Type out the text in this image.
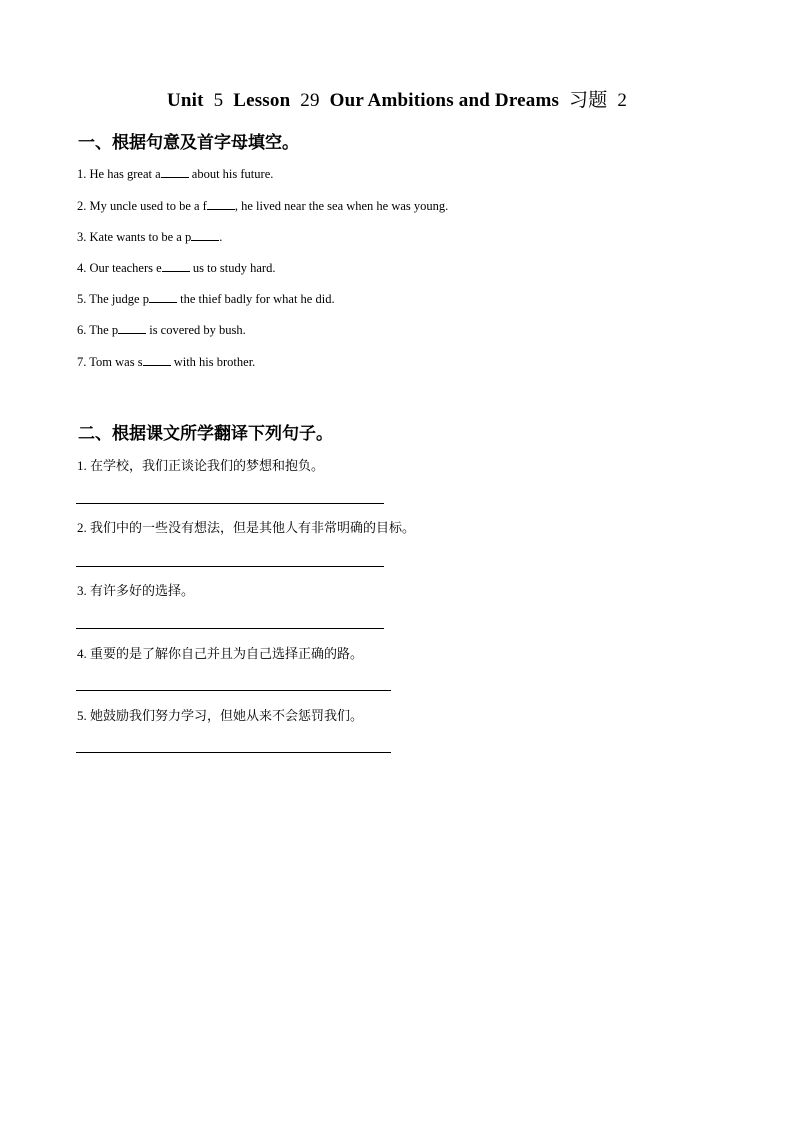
Unit 5 Lesson 29 Our Ambitions and Dreams 习题 2
一、根据句意及首字母填空。
1. He has great a about his future.
2. My uncle used to be a f , he lived near the sea when he was young.
3. Kate wants to be a p .
4. Our teachers e us to study hard.
5. The judge p the thief badly for what he did.
6. The p is covered by bush.
7. Tom was s with his brother.
二、根据课文所学翻译下列句子。
1. 在学校，我们正谈论我们的梦想和抱负。
2. 我们中的一些没有想法，但是其他人有非常明确的目标。
3. 有许多好的选择。
4. 重要的是了解你自己并且为自己选择正确的路。
5. 她鼓励我们努力学习，但她从来不会惩罚我们。
